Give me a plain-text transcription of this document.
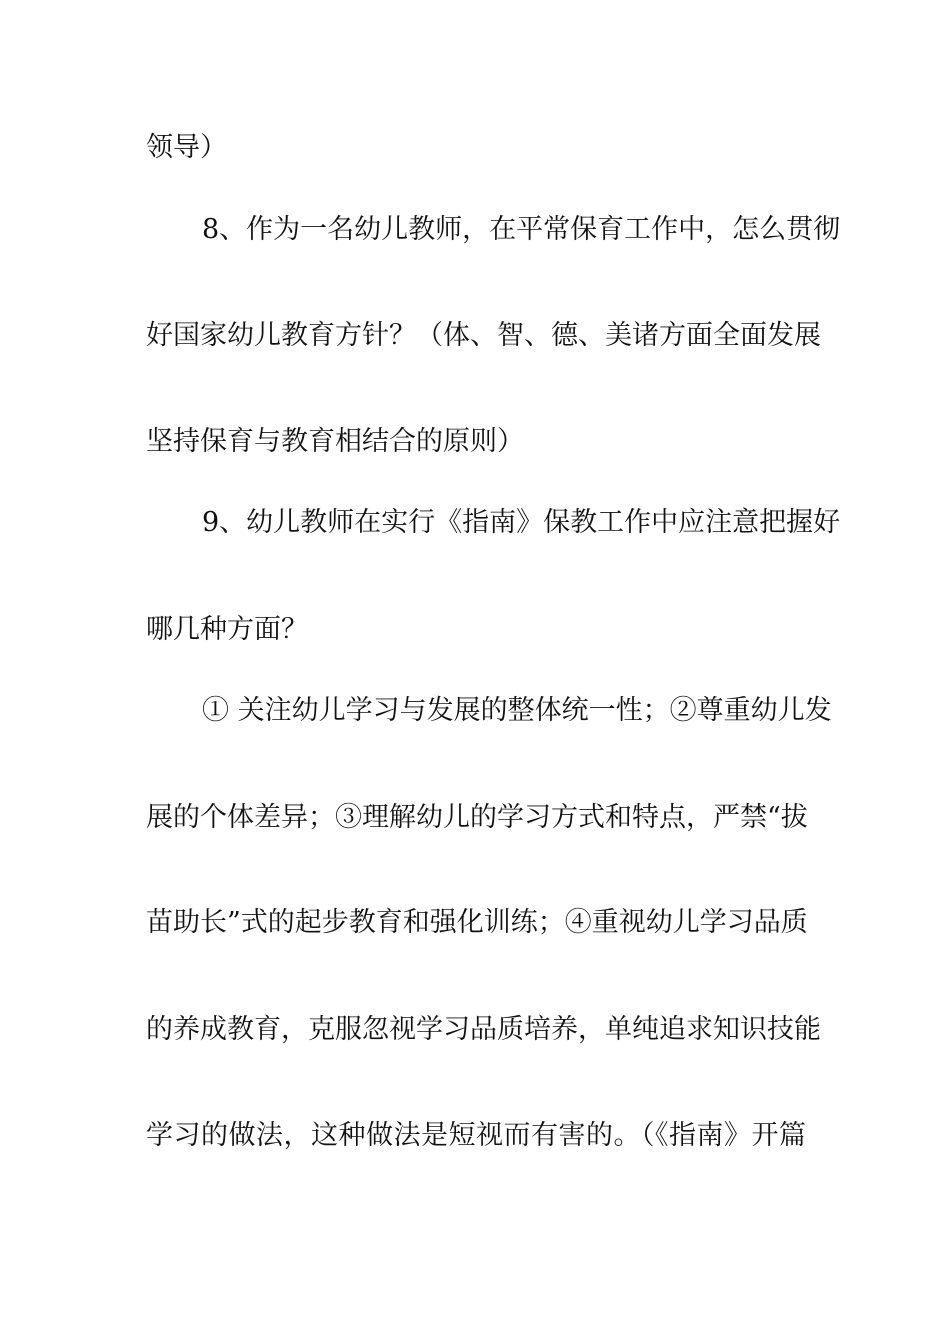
领导）
8、作为一名幼儿教师，在平常保育工作中，怎么贯彻
好国家幼儿教育方针？（体、智、德、美诸方面全面发展
坚持保育与教育相结合的原则）
9、幼儿教师在实行《指南》保教工作中应注意把握好
哪几种方面？
① 关注幼儿学习与发展的整体统一性；②尊重幼儿发
展的个体差异；③理解幼儿的学习方式和特点，严禁“拔
苗助长”式的起步教育和强化训练；④重视幼儿学习品质
的养成教育，克服忽视学习品质培养，单纯追求知识技能
学习的做法，这种做法是短视而有害的。（《指南》开篇
